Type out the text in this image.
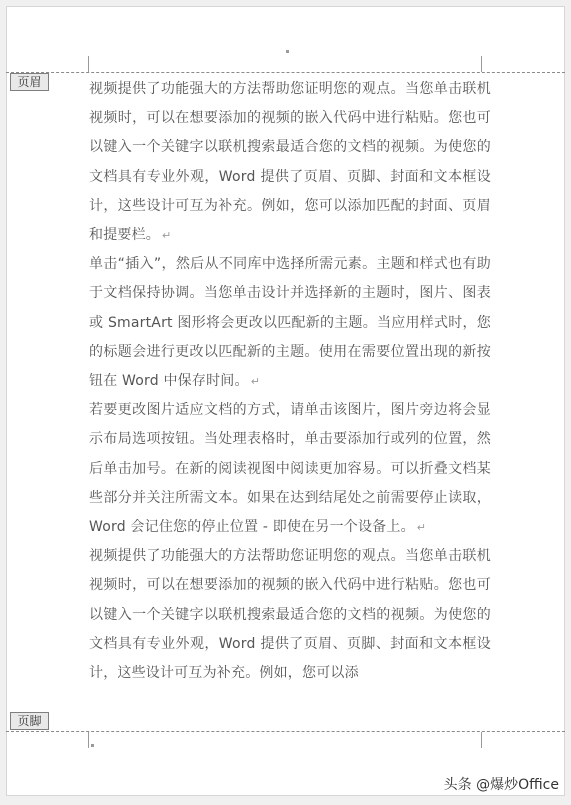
页眉	视频提供了功能强大的方法帮助您证明您的观点。当您单击联机视频时，可以在想要添加的视频的嵌入代码中进行粘贴。您也可以键入一个关键字以联机搜索最适合您的文档的视频。为使您的文档具有专业外观，Word 提供了页眉、页脚、封面和文本框设计，这些设计可互为补充。例如，您可以添加匹配的封面、页眉和提要栏。 ↵

单击“插入”，然后从不同库中选择所需元素。主题和样式也有助于文档保持协调。当您单击设计并选择新的主题时，图片、图表或 SmartArt 图形将会更改以匹配新的主题。当应用样式时，您的标题会进行更改以匹配新的主题。使用在需要位置出现的新按钮在 Word 中保存时间。 ↵

若要更改图片适应文档的方式，请单击该图片，图片旁边将会显示布局选项按钮。当处理表格时，单击要添加行或列的位置，然后单击加号。在新的阅读视图中阅读更加容易。可以折叠文档某些部分并关注所需文本。如果在达到结尾处之前需要停止读取，Word 会记住您的停止位置 - 即使在另一个设备上。 ↵

视频提供了功能强大的方法帮助您证明您的观点。当您单击联机视频时，可以在想要添加的视频的嵌入代码中进行粘贴。您也可以键入一个关键字以联机搜索最适合您的文档的视频。为使您的文档具有专业外观，Word 提供了页眉、页脚、封面和文本框设计，这些设计可互为补充。例如，您可以添

页脚
头条 @爆炒Office
